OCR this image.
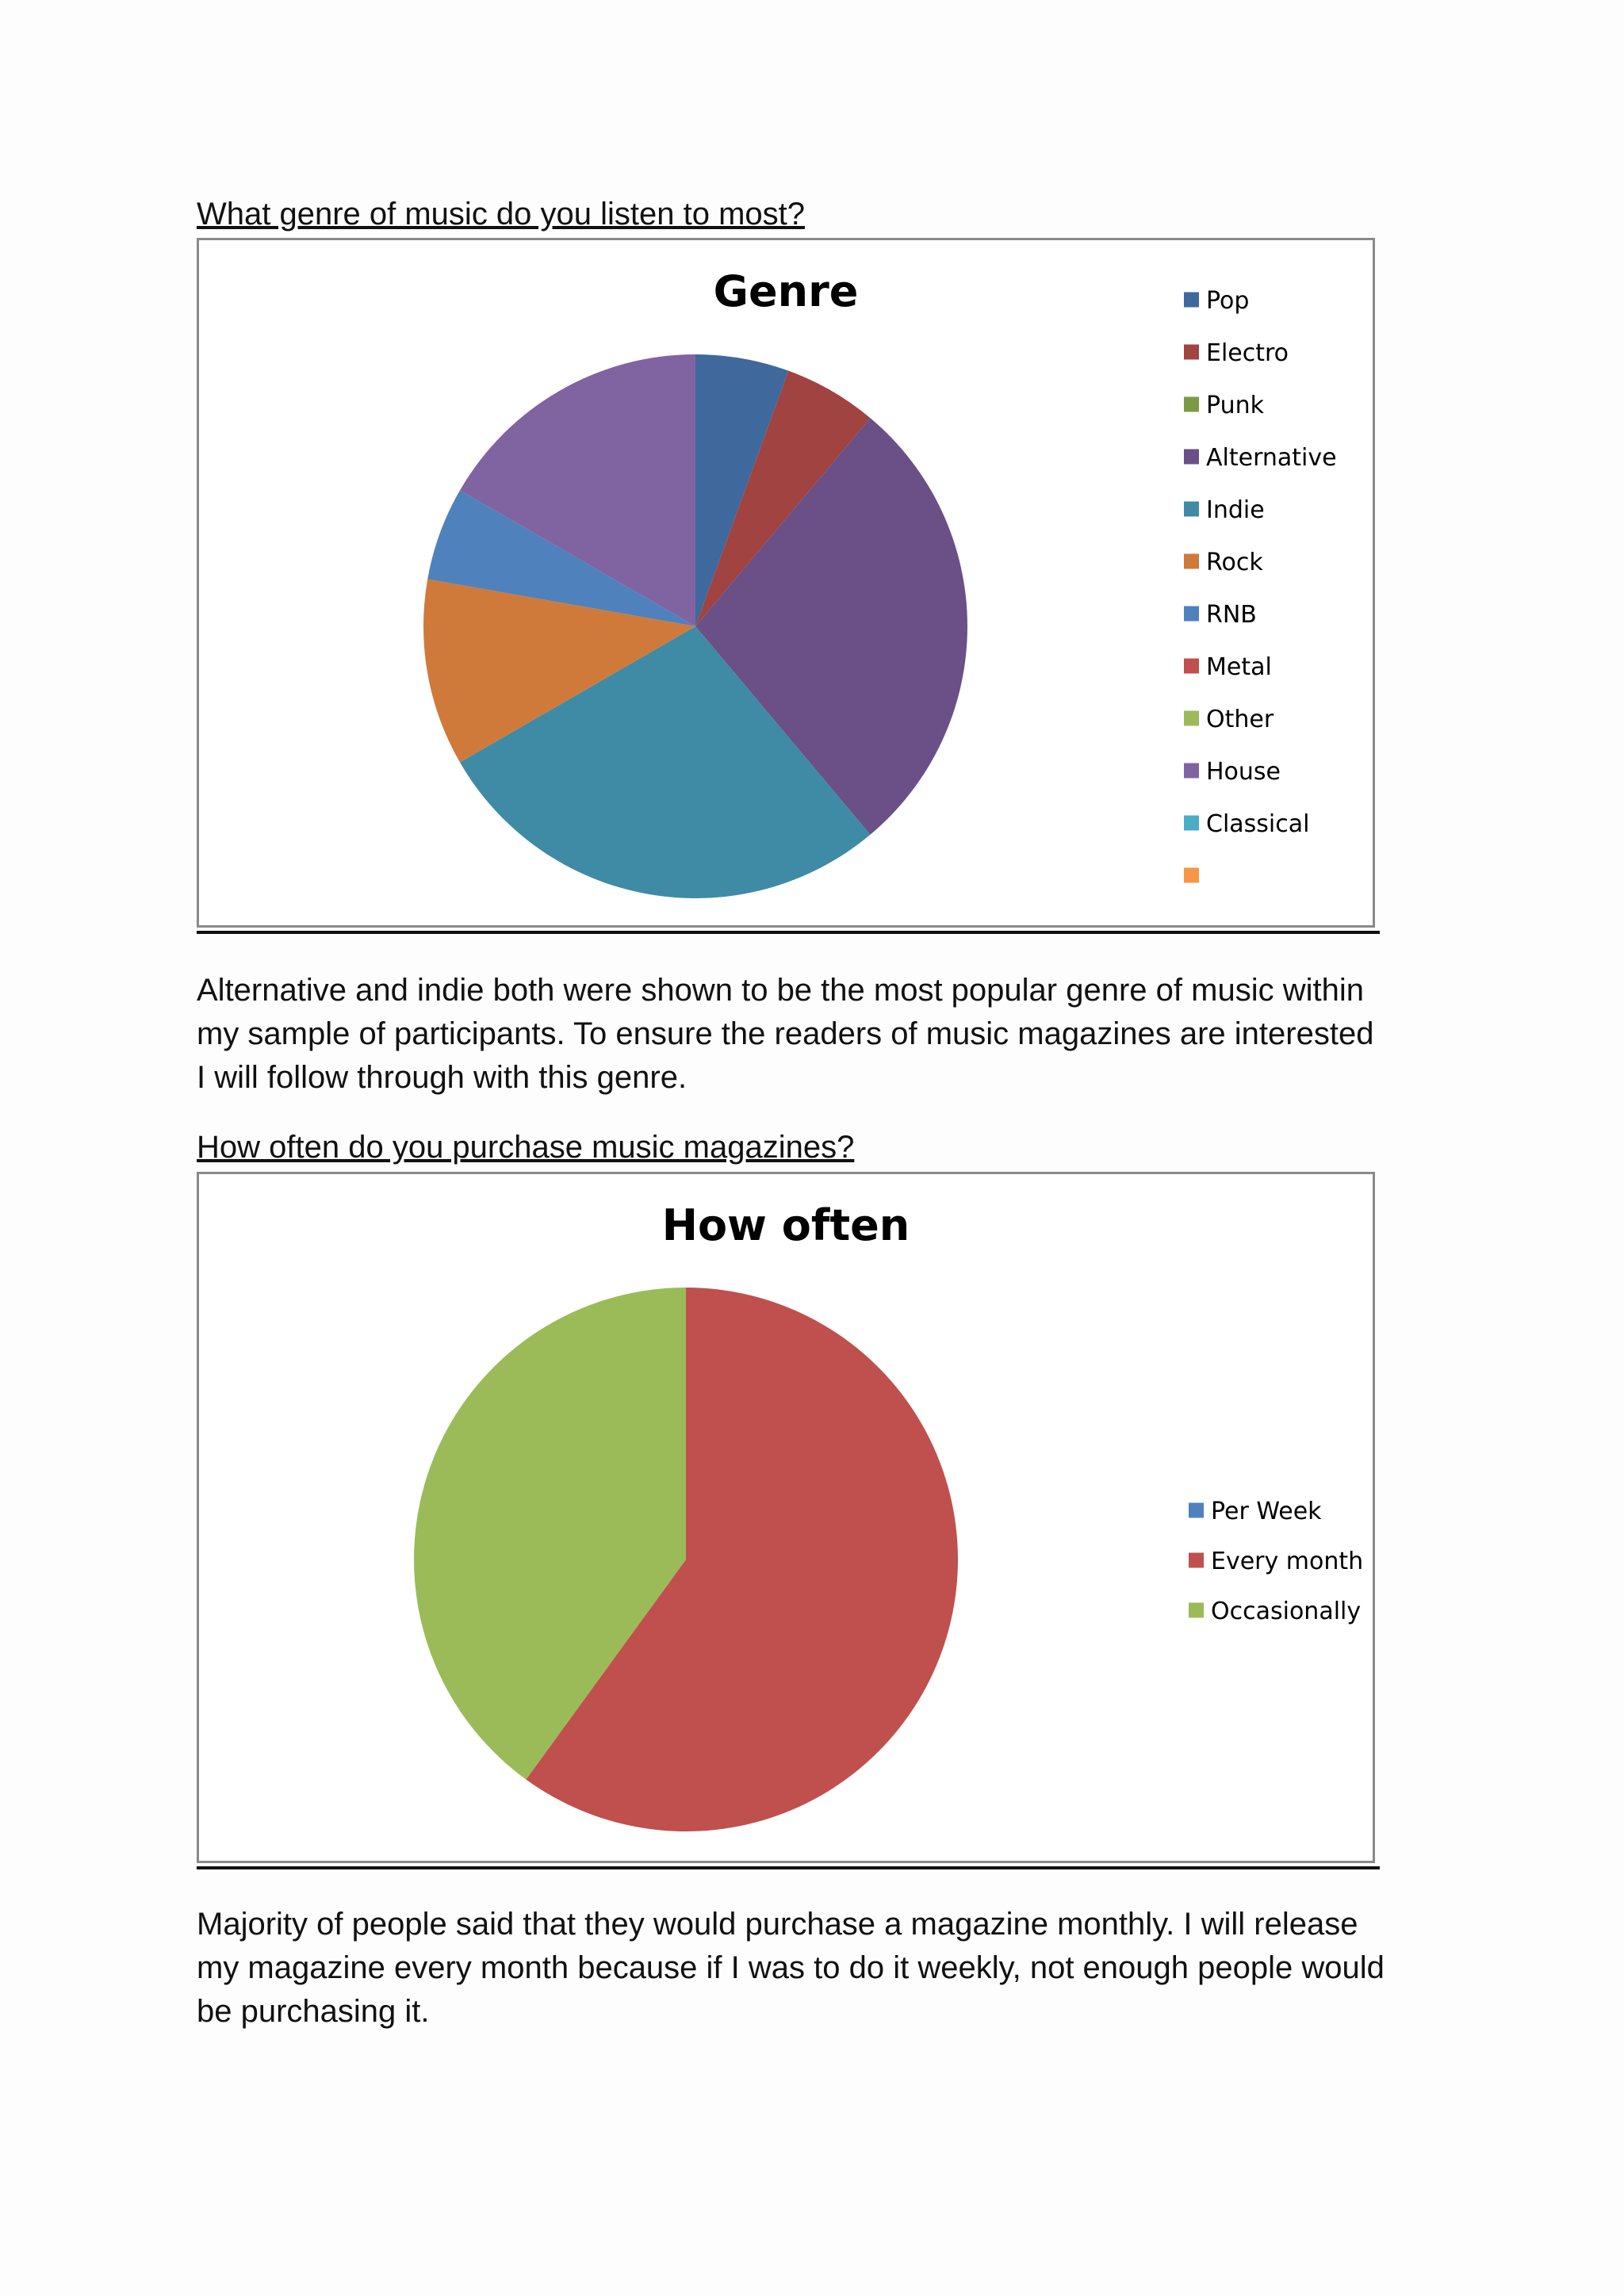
What genre of music do you listen to most?
Genre	Pop
Electro
Punk
Alternative
Indie
Rock
RNB
Metal
Other
House
Classical

Alternative and indie both were shown to be the most popular genre of music within
my sample of participants. To ensure the readers of music magazines are interested
I will follow through with this genre.

How often do you purchase music magazines?
How often
Per Week
Every month
Occasionally

Majority of people said that they would purchase a magazine monthly. I will release
my magazine every month because if I was to do it weekly, not enough people would
be purchasing it.
